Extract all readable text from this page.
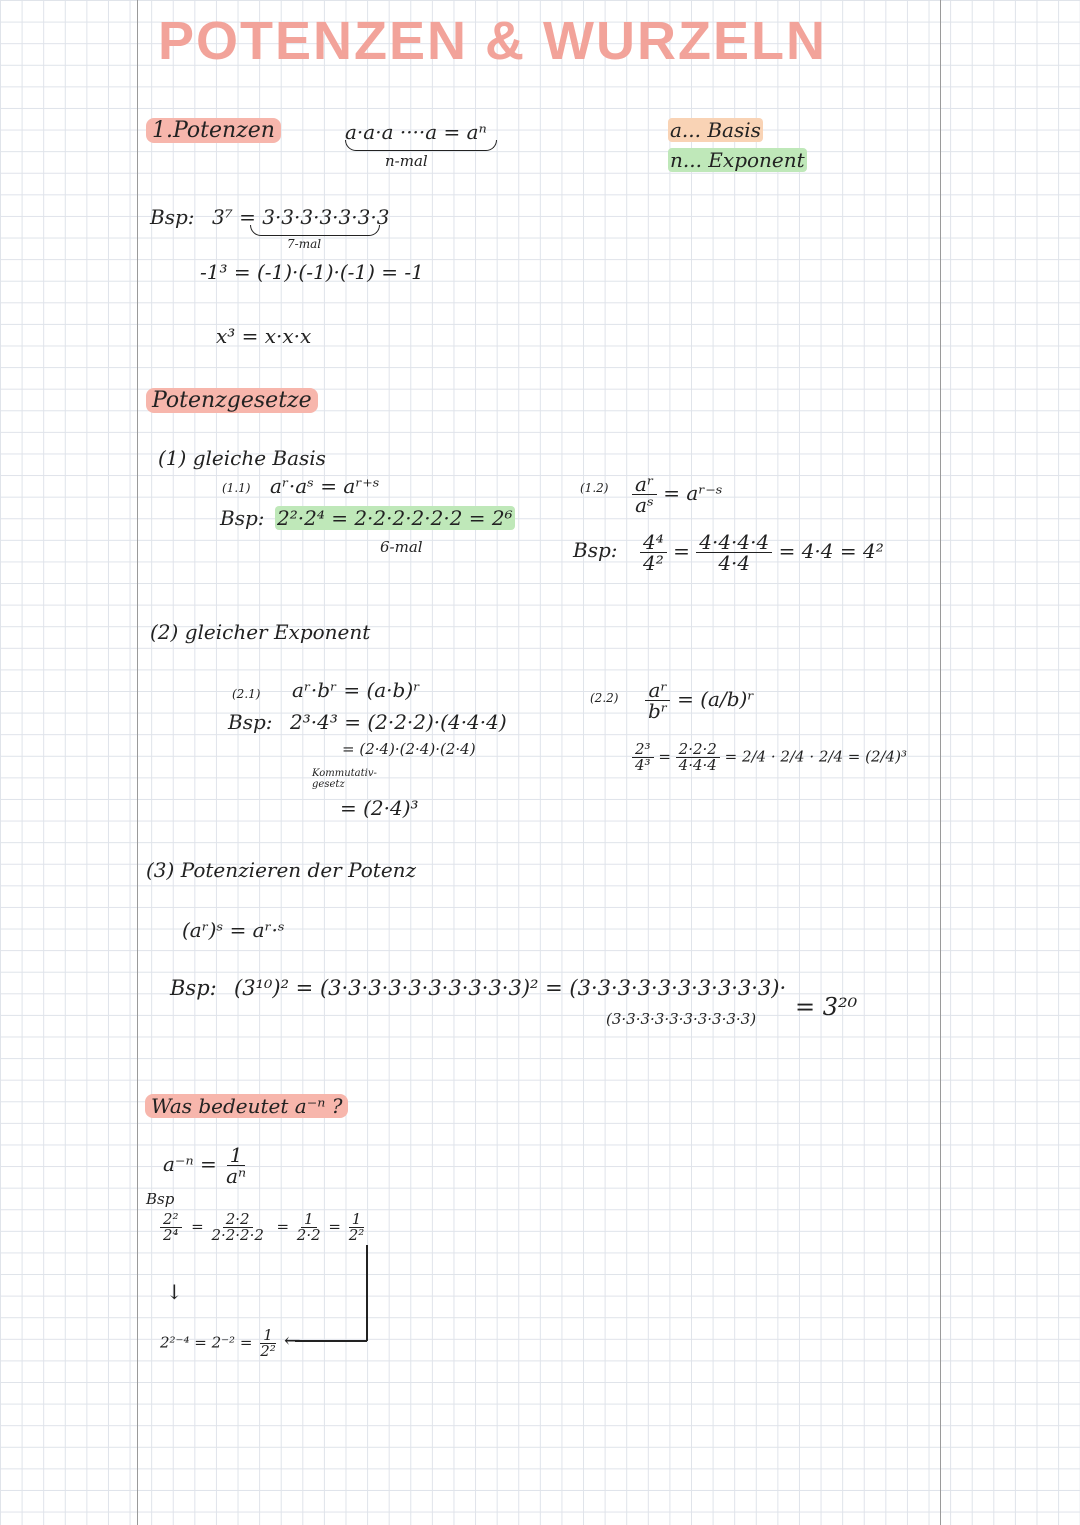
POTENZEN & WURZELN
1.Potenzen	a·a·a ····a = aⁿ
n-mal
a... Basis
n... Exponent
Bsp: 3⁷ = 3·3·3·3·3·3·3
7-mal
-1³ = (-1)·(-1)·(-1) = -1
x³ = x·x·x
Potenzgesetze
(1) gleiche Basis
(1.1) aʳ·aˢ = aʳ⁺ˢ
Bsp: 2²·2⁴ = 2·2·2·2·2·2 = 2⁶
6-mal
$(1.2) \frac{\text{aʳ}}{\text{aˢ}}$ = aʳ⁻ˢ
Bsp: $\frac{\text{4⁴}}{\text{4²}} = \frac{4\cdot 4\cdot 4\cdot 4}{4\cdot 4} = 4\cdot 4 = 4^2$
(2) gleicher Exponent
(2.1) aʳ·bʳ = (a·b)ʳ
Bsp: 2³·4³ = (2·2·2)·(4·4·4)
= (2·4)·(2·4)·(2·4)
Kommutativ-gesetz
= (2·4)³
$(2.2) \frac{\text{aʳ}}{\text{bʳ}}$ = (a/b)ʳ
$\frac{\text{2³}}{\text{4³}} = \frac{2\cdot 2\cdot 2}{4\cdot 4\cdot 4} = 2/4 \cdot 2/4 \cdot 2/4 = (2/4)^3$
(3) Potenzieren der Potenz
(aʳ)ˢ = aʳ·ˢ
Bsp: (3¹⁰)² = (3·3·3·3·3·3·3·3·3·3)² = (3·3·3·3·3·3·3·3·3·3)·
(3·3·3·3·3·3·3·3·3·3) = 3²⁰
Was bedeutet a⁻ⁿ ?
$a^{-n} = \frac{1}{\text{aⁿ}}$
Bsp
$\frac{\text{2²}}{\text{2⁴}} = \frac{2\cdot 2}{2\cdot 2\cdot 2\cdot 2} = \frac{1}{2\cdot 2} = \frac{1}{\text{2²}}$
↓
$2^{2-4} = 2^{-2} = \frac{1}{\text{2²}}$ ←
